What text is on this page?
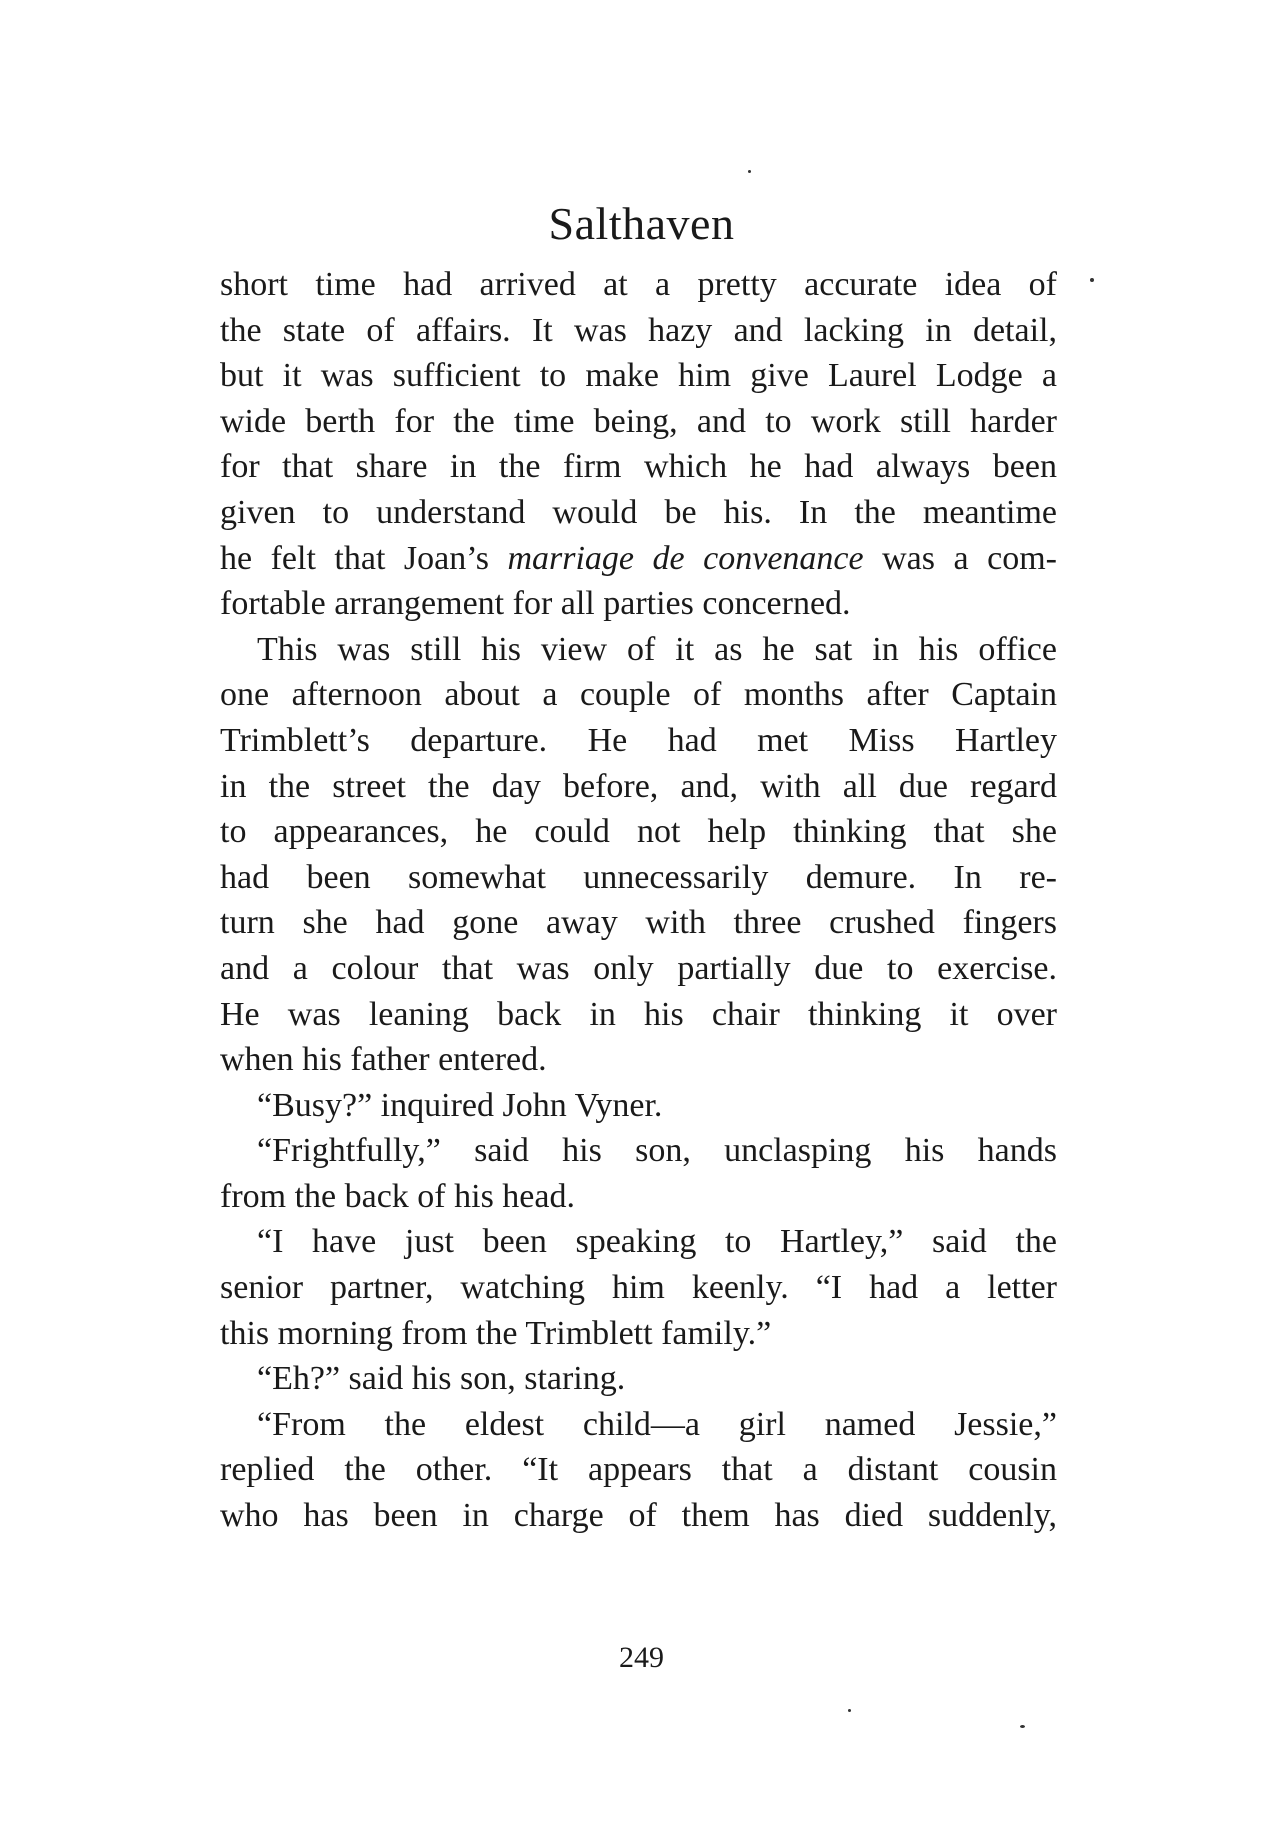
Salthaven
short time had arrived at a pretty accurate idea of
the state of affairs. It was hazy and lacking in detail,
but it was sufficient to make him give Laurel Lodge a
wide berth for the time being, and to work still harder
for that share in the firm which he had always been
given to understand would be his. In the meantime
he felt that Joan’s marriage de convenance was a com-
fortable arrangement for all parties concerned.
This was still his view of it as he sat in his office
one afternoon about a couple of months after Captain
Trimblett’s departure. He had met Miss Hartley
in the street the day before, and, with all due regard
to appearances, he could not help thinking that she
had been somewhat unnecessarily demure. In re-
turn she had gone away with three crushed fingers
and a colour that was only partially due to exercise.
He was leaning back in his chair thinking it over
when his father entered.
“Busy?” inquired John Vyner.
“Frightfully,” said his son, unclasping his hands
from the back of his head.
“I have just been speaking to Hartley,” said the
senior partner, watching him keenly. “I had a letter
this morning from the Trimblett family.”
“Eh?” said his son, staring.
“From the eldest child—a girl named Jessie,”
replied the other. “It appears that a distant cousin
who has been in charge of them has died suddenly,
249
